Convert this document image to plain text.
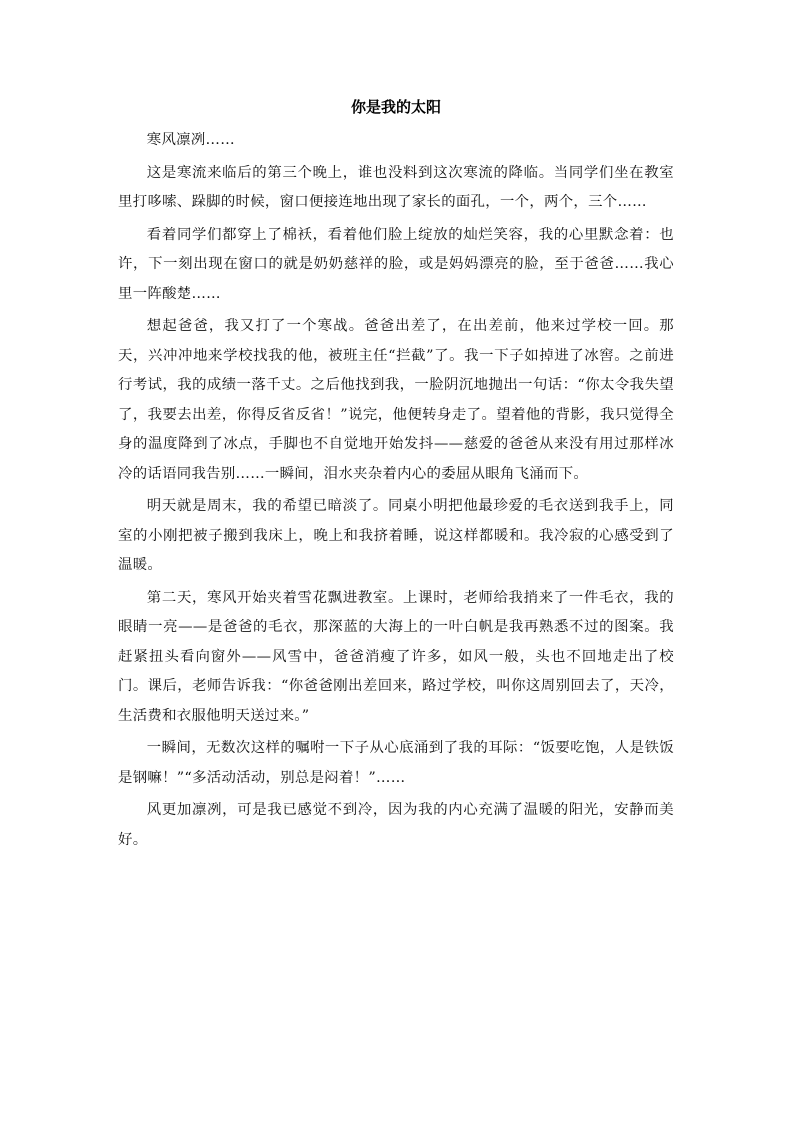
你是我的太阳

寒风凛冽……

这是寒流来临后的第三个晚上，谁也没料到这次寒流的降临。当同学们坐在教室里打哆嗦、跺脚的时候，窗口便接连地出现了家长的面孔，一个，两个，三个……

看着同学们都穿上了棉袄，看着他们脸上绽放的灿烂笑容，我的心里默念着：也许，下一刻出现在窗口的就是奶奶慈祥的脸，或是妈妈漂亮的脸，至于爸爸……我心里一阵酸楚……

想起爸爸，我又打了一个寒战。爸爸出差了，在出差前，他来过学校一回。那天，兴冲冲地来学校找我的他，被班主任“拦截”了。我一下子如掉进了冰窖。之前进行考试，我的成绩一落千丈。之后他找到我，一脸阴沉地抛出一句话：“你太令我失望了，我要去出差，你得反省反省！”说完，他便转身走了。望着他的背影，我只觉得全身的温度降到了冰点，手脚也不自觉地开始发抖——慈爱的爸爸从来没有用过那样冰冷的话语同我告别……一瞬间，泪水夹杂着内心的委屈从眼角飞涌而下。

明天就是周末，我的希望已暗淡了。同桌小明把他最珍爱的毛衣送到我手上，同室的小刚把被子搬到我床上，晚上和我挤着睡，说这样都暖和。我冷寂的心感受到了温暖。

第二天，寒风开始夹着雪花飘进教室。上课时，老师给我捎来了一件毛衣，我的眼睛一亮——是爸爸的毛衣，那深蓝的大海上的一叶白帆是我再熟悉不过的图案。我赶紧扭头看向窗外——风雪中，爸爸消瘦了许多，如风一般，头也不回地走出了校门。课后，老师告诉我：“你爸爸刚出差回来，路过学校，叫你这周别回去了，天冷，生活费和衣服他明天送过来。”

一瞬间，无数次这样的嘱咐一下子从心底涌到了我的耳际：“饭要吃饱，人是铁饭是钢嘛！”“多活动活动，别总是闷着！”……

风更加凛冽，可是我已感觉不到冷，因为我的内心充满了温暖的阳光，安静而美好。
